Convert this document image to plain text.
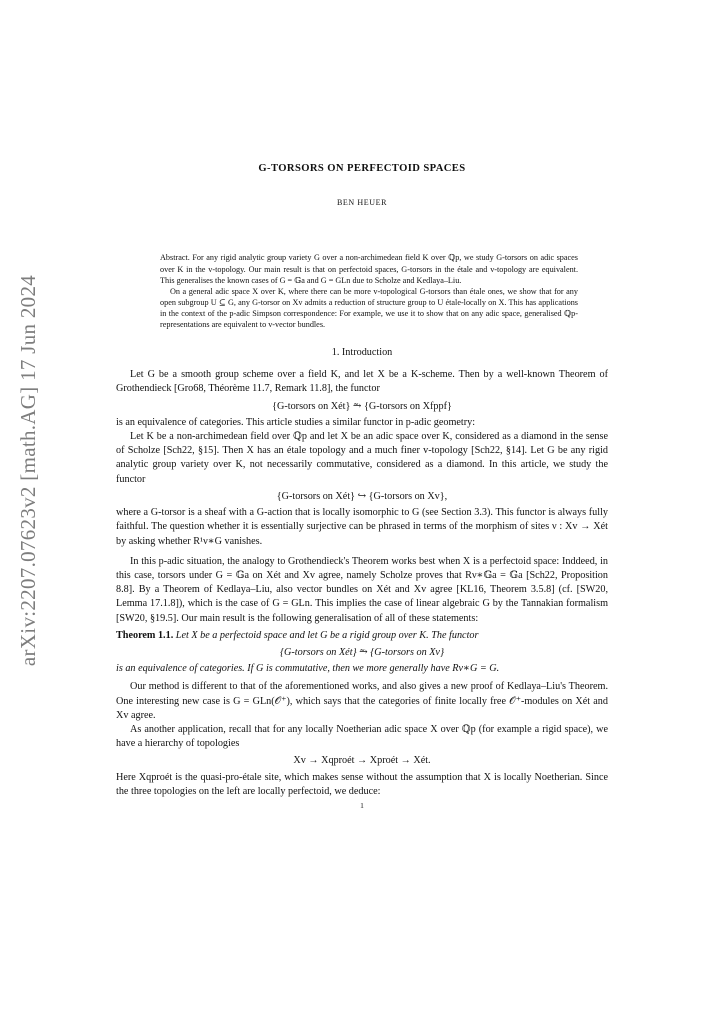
arXiv:2207.07623v2 [math.AG] 17 Jun 2024
G-TORSORS ON PERFECTOID SPACES
BEN HEUER

Abstract. For any rigid analytic group variety G over a non-archimedean field K over ℚp, we study G-torsors on adic spaces over K in the v-topology. Our main result is that on perfectoid spaces, G-torsors in the étale and v-topology are equivalent. This generalises the known cases of G = 𝔾a and G = GLn due to Scholze and Kedlaya–Liu.

On a general adic space X over K, where there can be more v-topological G-torsors than étale ones, we show that for any open subgroup U ⊆ G, any G-torsor on Xv admits a reduction of structure group to U étale-locally on X. This has applications in the context of the p-adic Simpson correspondence: For example, we use it to show that on any adic space, generalised ℚp-representations are equivalent to v-vector bundles.

1. Introduction

Let G be a smooth group scheme over a field K, and let X be a K-scheme. Then by a well-known Theorem of Grothendieck [Gro68, Théorème 11.7, Remark 11.8], the functor

{G-torsors on Xét} ⥲ {G-torsors on Xfppf}

is an equivalence of categories. This article studies a similar functor in p-adic geometry:

Let K be a non-archimedean field over ℚp and let X be an adic space over K, considered as a diamond in the sense of Scholze [Sch22, §15]. Then X has an étale topology and a much finer v-topology [Sch22, §14]. Let G be any rigid analytic group variety over K, not necessarily commutative, considered as a diamond. In this article, we study the functor

{G-torsors on Xét} ↪ {G-torsors on Xv},

where a G-torsor is a sheaf with a G-action that is locally isomorphic to G (see Section 3.3). This functor is always fully faithful. The question whether it is essentially surjective can be phrased in terms of the morphism of sites ν : Xv → Xét by asking whether R¹ν∗G vanishes.

In this p-adic situation, the analogy to Grothendieck's Theorem works best when X is a perfectoid space: Inddeed, in this case, torsors under G = 𝔾a on Xét and Xv agree, namely Scholze proves that Rν∗𝔾a = 𝔾a [Sch22, Proposition 8.8]. By a Theorem of Kedlaya–Liu, also vector bundles on Xét and Xv agree [KL16, Theorem 3.5.8] (cf. [SW20, Lemma 17.1.8]), which is the case of G = GLn. This implies the case of linear algebraic G by the Tannakian formalism [SW20, §19.5]. Our main result is the following generalisation of all of these statements:

Theorem 1.1. Let X be a perfectoid space and let G be a rigid group over K. The functor

{G-torsors on Xét} ⥲ {G-torsors on Xv}

is an equivalence of categories. If G is commutative, then we more generally have Rν∗G = G.

Our method is different to that of the aforementioned works, and also gives a new proof of Kedlaya–Liu's Theorem. One interesting new case is G = GLn(𝒪⁺), which says that the categories of finite locally free 𝒪⁺-modules on Xét and Xv agree.

As another application, recall that for any locally Noetherian adic space X over ℚp (for example a rigid space), we have a hierarchy of topologies

Xv → Xqproét → Xproét → Xét.

Here Xqproét is the quasi-pro-étale site, which makes sense without the assumption that X is locally Noetherian. Since the three topologies on the left are locally perfectoid, we deduce:

1
